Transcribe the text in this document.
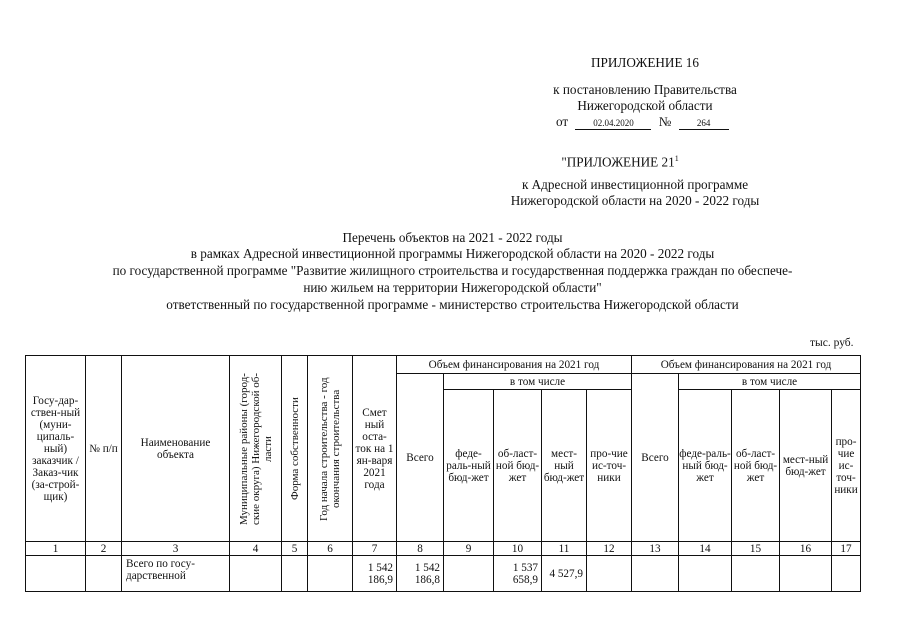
ПРИЛОЖЕНИЕ 16
к постановлению Правительства
Нижегородской области
от	02.04.2020 №	264
"ПРИЛОЖЕНИЕ $21^1$
к Адресной инвестиционной программе
Нижегородской области на 2020 - 2022 годы
Перечень объектов на 2021 - 2022 годы
в рамках Адресной инвестиционной программы Нижегородской области на 2020 - 2022 годы
по государственной программе "Развитие жилищного строительства и государственная поддержка граждан по обеспече-
нию жильем на территории Нижегородской области"
ответственный по государственной программе - министерство строительства Нижегородской области
тыс. руб.
Госу-дар-ствен-ный (муни-ципаль-ный) заказчик / Заказ-чик (за-строй-щик)	№ п/п	Наименование объекта	Муниципальные районы (город-ские округа) Нижегородской об-ласти	Форма собственности	Год начала строительства - год окончания строительства	Смет ный оста-ток на 1 ян-варя 2021 года	Объем финансирования на 2021 год					Объем финансирования на 2021 год				
							Всего	в том числе				Всего	в том числе			
								феде-раль-ный бюд-жет	об-ласт-ной бюд-жет	мест-ный бюд-жет	про-чие ис-точ-ники		феде-раль-ный бюд-жет	об-ласт-ной бюд-жет	мест-ный бюд-жет	про-чие ис-точ-ники
1	2	3	4	5	6	7	8	9	10	11	12	13	14	15	16	17
		Всего по госу-дарственной				1 542 186,9	1 542 186,8		1 537 658,9	4 527,9						
